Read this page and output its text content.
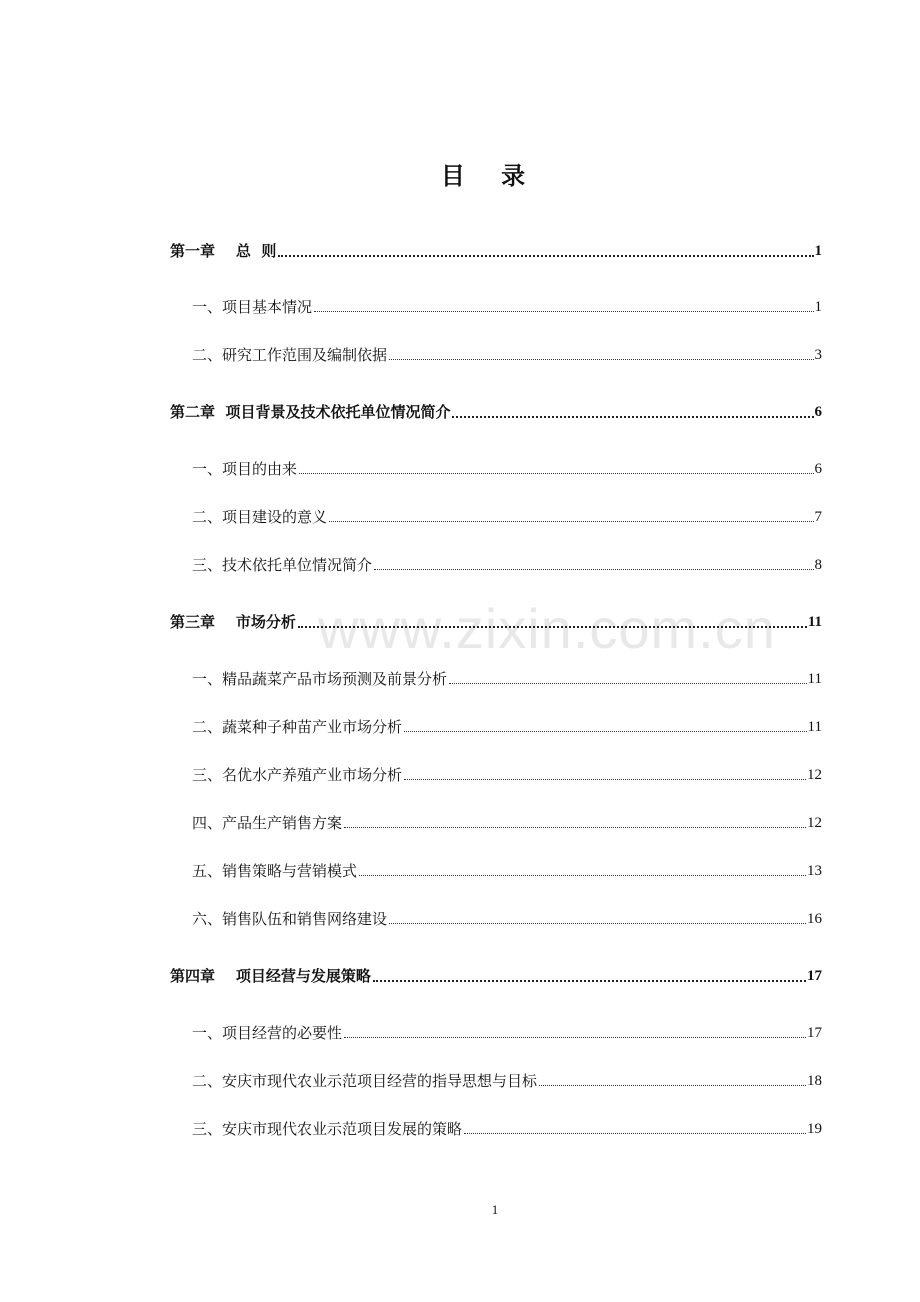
目 录
www.zixin.com.cn
第一章    总  则	1
一、项目基本情况	1
二、研究工作范围及编制依据	3
第二章  项目背景及技术依托单位情况简介	6
一、项目的由来	6
二、项目建设的意义	7
三、技术依托单位情况简介	8
第三章    市场分析	11
一、精品蔬菜产品市场预测及前景分析	11
二、蔬菜种子种苗产业市场分析	11
三、名优水产养殖产业市场分析	12
四、产品生产销售方案	12
五、销售策略与营销模式	13
六、销售队伍和销售网络建设	16
第四章    项目经营与发展策略	17
一、项目经营的必要性	17
二、安庆市现代农业示范项目经营的指导思想与目标	18
三、安庆市现代农业示范项目发展的策略	19
1
